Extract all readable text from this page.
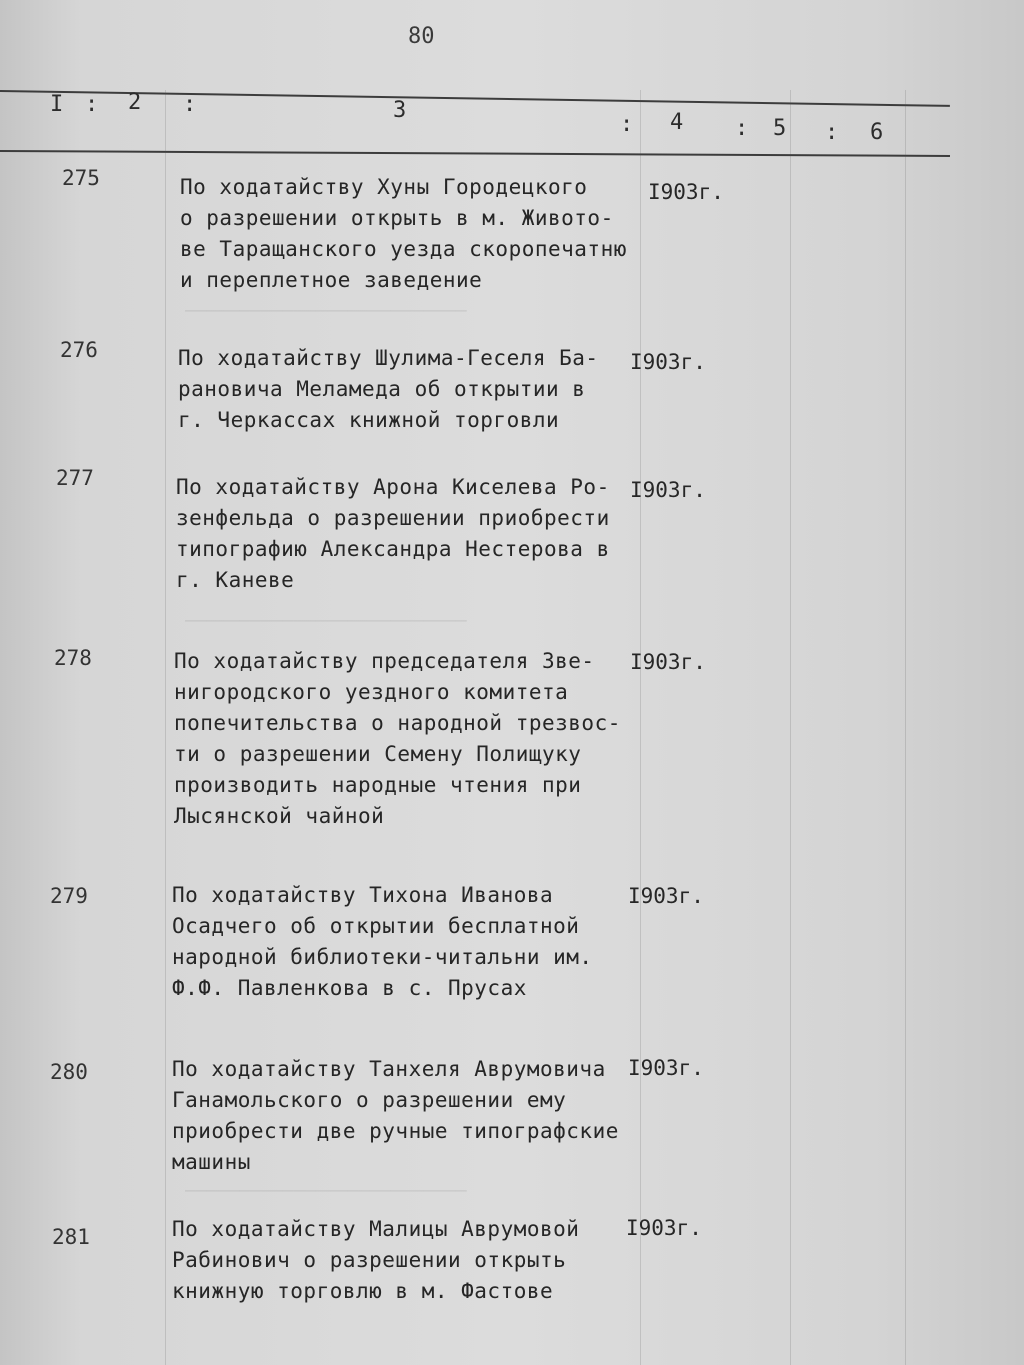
80
I : 2 :	3
: 4 : 5 : 6
——————————————————————————
——————————————————————————
——————————————————————————
275	По ходатайству Хуны Городецкого
о разрешении открыть в м. Живото-
ве Таращанского уезда скоропечатню
и переплетное заведение
I903г.
276	По ходатайству Шулима-Геселя Ба-
рановича Меламеда об открытии в
г. Черкассах книжной торговли
I903г.
277	По ходатайству Арона Киселева Ро-
зенфельда о разрешении приобрести
типографию Александра Нестерова в
г. Каневе
I903г.
278	По ходатайству председателя Зве-
нигородского уездного комитета
попечительства о народной трезвос-
ти о разрешении Семену Полищуку
производить народные чтения при
Лысянской чайной
I903г.
279	По ходатайству Тихона Иванова
Осадчего об открытии бесплатной
народной библиотеки-читальни им.
Ф.Ф. Павленкова в с. Прусах
I903г.
280	По ходатайству Танхеля Аврумовича
Ганамольского о разрешении ему
приобрести две ручные типографские
машины
I903г.
281	По ходатайству Малицы Аврумовой
Рабинович о разрешении открыть
книжную торговлю в м. Фастове
I903г.
